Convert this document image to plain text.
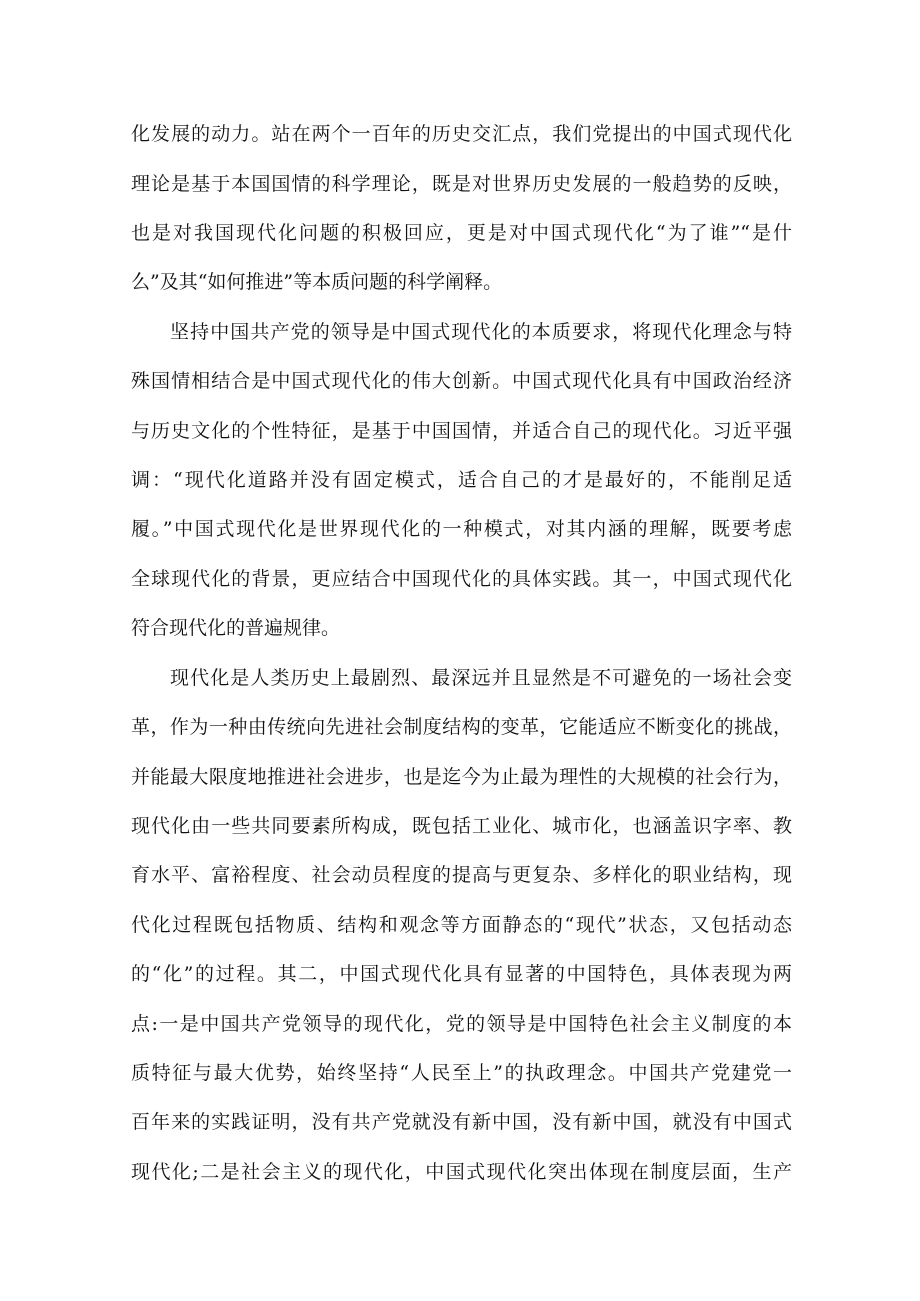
化发展的动力。站在两个一百年的历史交汇点，我们党提出的中国式现代化
理论是基于本国国情的科学理论，既是对世界历史发展的一般趋势的反映，
也是对我国现代化问题的积极回应，更是对中国式现代化“为了谁”“是什
么”及其“如何推进”等本质问题的科学阐释。
坚持中国共产党的领导是中国式现代化的本质要求，将现代化理念与特
殊国情相结合是中国式现代化的伟大创新。中国式现代化具有中国政治经济
与历史文化的个性特征，是基于中国国情，并适合自己的现代化。习近平强
调：“现代化道路并没有固定模式，适合自己的才是最好的，不能削足适
履。”中国式现代化是世界现代化的一种模式，对其内涵的理解，既要考虑
全球现代化的背景，更应结合中国现代化的具体实践。其一，中国式现代化
符合现代化的普遍规律。
现代化是人类历史上最剧烈、最深远并且显然是不可避免的一场社会变
革，作为一种由传统向先进社会制度结构的变革，它能适应不断变化的挑战，
并能最大限度地推进社会进步，也是迄今为止最为理性的大规模的社会行为，
现代化由一些共同要素所构成，既包括工业化、城市化，也涵盖识字率、教
育水平、富裕程度、社会动员程度的提高与更复杂、多样化的职业结构，现
代化过程既包括物质、结构和观念等方面静态的“现代”状态，又包括动态
的“化”的过程。其二，中国式现代化具有显著的中国特色，具体表现为两
点:一是中国共产党领导的现代化，党的领导是中国特色社会主义制度的本
质特征与最大优势，始终坚持“人民至上”的执政理念。中国共产党建党一
百年来的实践证明，没有共产党就没有新中国，没有新中国，就没有中国式
现代化;二是社会主义的现代化，中国式现代化突出体现在制度层面，生产
